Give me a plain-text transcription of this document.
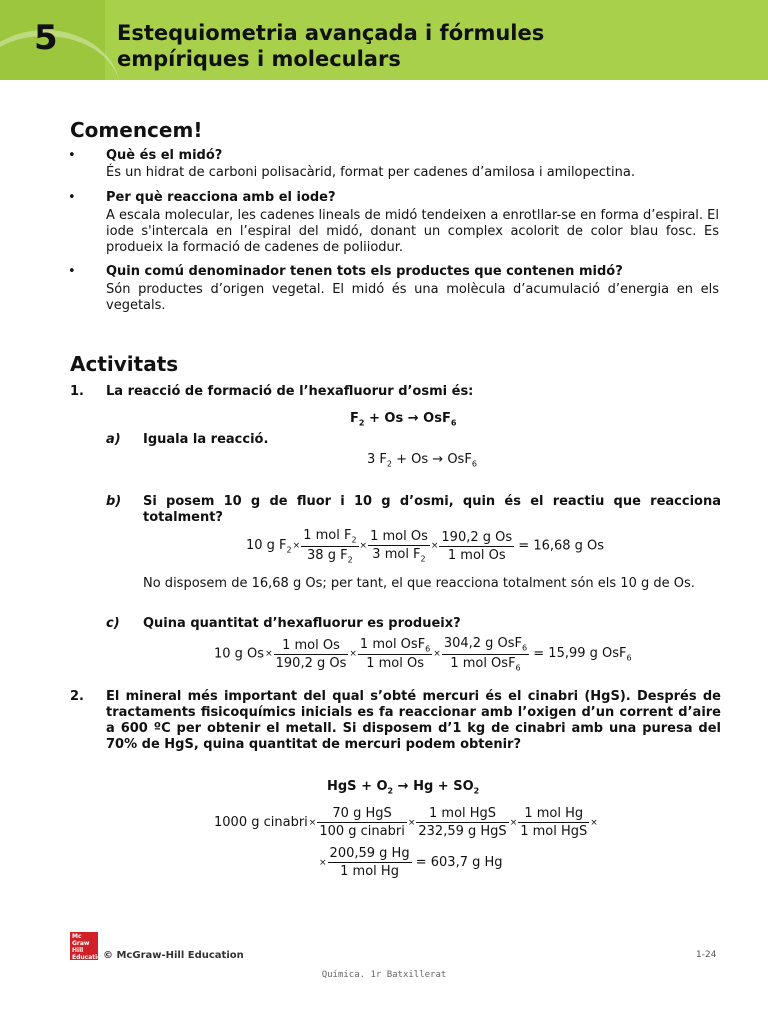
5	Estequiometria avançada i fórmules
empíriques i moleculars
Comencem!
• Què és el midó?
És un hidrat de carboni polisacàrid, format per cadenes d’amilosa i amilopectina.
• Per què reacciona amb el iode?
A escala molecular, les cadenes lineals de midó tendeixen a enrotllar-se en forma d’espiral. El iode s'intercala en l’espiral del midó, donant un complex acolorit de color blau fosc. Es produeix la formació de cadenes de poliiodur.
• Quin comú denominador tenen tots els productes que contenen midó?
Són productes d’origen vegetal. El midó és una molècula d’acumulació d’energia en els vegetals.
Activitats
1. La reacció de formació de l’hexafluorur d’osmi és:
$F_2 + Os \to OsF_6$
a) Iguala la reacció.
3 $F_2 + Os \to OsF_6$
b) Si posem 10 g de fluor i 10 g d’osmi, quin és el reactiu que reacciona totalment?
10 g $F_2\times \frac{1 mol F_2}{38 g F_2} \times \frac{\text{1 mol Os}}{3 mol F_2} \times \frac{\text{190,2 g Os}}{\text{1 mol Os}} = 16,68$ g Os
No disposem de 16,68 g Os; per tant, el que reacciona totalment són els 10 g de Os.
c) Quina quantitat d’hexafluorur es produeix?
10 g $Os\times \frac{\text{1 mol Os}}{\text{190,2 g Os}} \times \frac{1 mol OsF_6}{\text{1 mol Os}} \times \frac{304,2 g OsF_6}{1 mol OsF_6} = 15,99$ g OsF$_6$
2. El mineral més important del qual s’obté mercuri és el cinabri (HgS). Després de tractaments fisicoquímics inicials es fa reaccionar amb l’oxigen d’un corrent d’aire a 600 ºC per obtenir el metall. Si disposem d’1 kg de cinabri amb una puresa del 70% de HgS, quina quantitat de mercuri podem obtenir?
HgS + $O_2 \to Hg + SO_2$
1000 g cinabri× $\frac{\text{70 g HgS}}{\text{100 g cinabri}} \times \frac{\text{1 mol HgS}}{\text{232,59 g HgS}} \times \frac{\text{1 mol Hg}}{\text{1 mol HgS}}$ ×
× $\frac{\text{200,59 g Hg}}{\text{1 mol Hg}} = 603,7$ g Hg
Mc Graw Hill Education
© McGraw-Hill Education	1-24
Química. 1r Batxillerat
